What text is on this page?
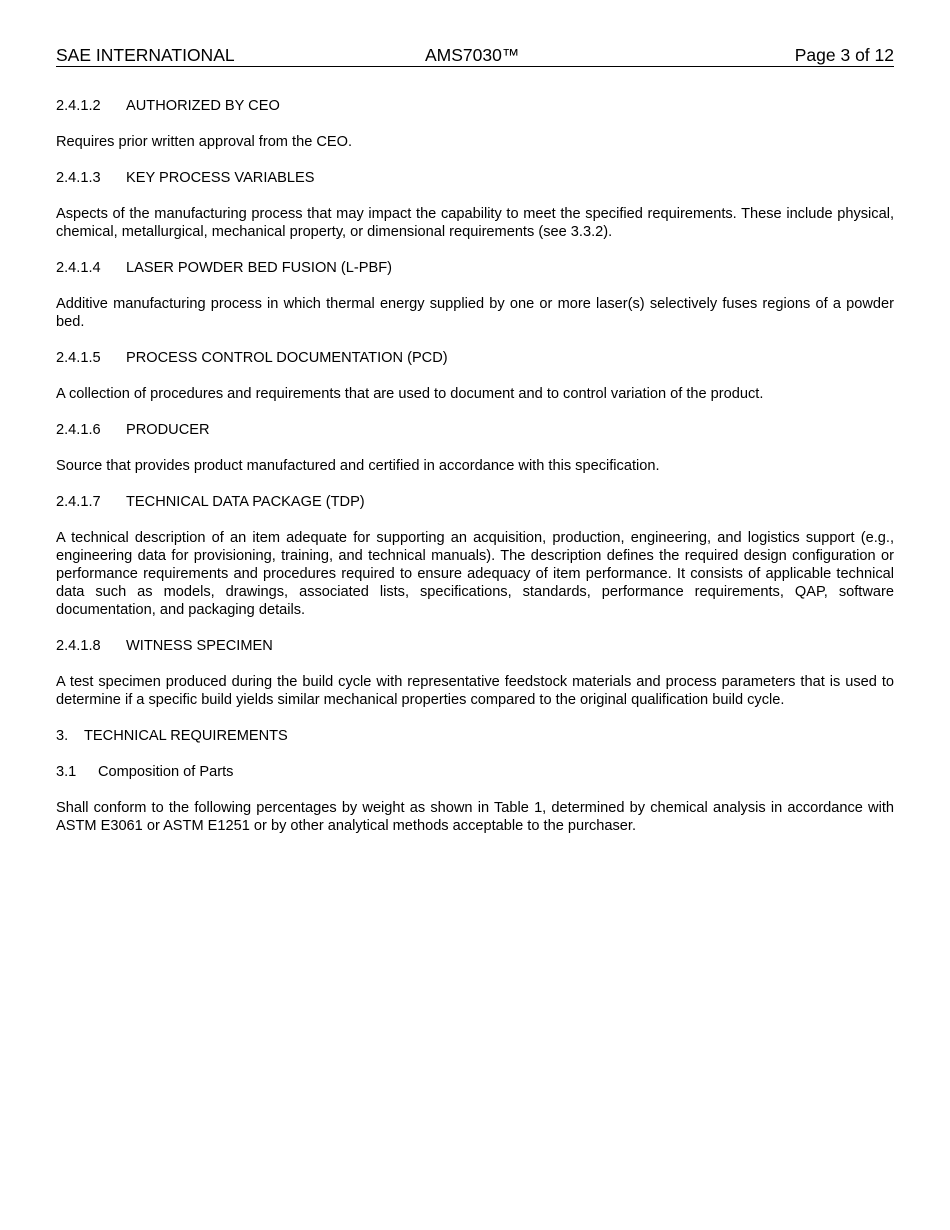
SAE INTERNATIONAL	AMS7030™	Page 3 of 12
2.4.1.2 AUTHORIZED BY CEO
Requires prior written approval from the CEO.
2.4.1.3 KEY PROCESS VARIABLES
Aspects of the manufacturing process that may impact the capability to meet the specified requirements. These include physical, chemical, metallurgical, mechanical property, or dimensional requirements (see 3.3.2).
2.4.1.4 LASER POWDER BED FUSION (L-PBF)
Additive manufacturing process in which thermal energy supplied by one or more laser(s) selectively fuses regions of a powder bed.
2.4.1.5 PROCESS CONTROL DOCUMENTATION (PCD)
A collection of procedures and requirements that are used to document and to control variation of the product.
2.4.1.6 PRODUCER
Source that provides product manufactured and certified in accordance with this specification.
2.4.1.7 TECHNICAL DATA PACKAGE (TDP)
A technical description of an item adequate for supporting an acquisition, production, engineering, and logistics support (e.g., engineering data for provisioning, training, and technical manuals). The description defines the required design configuration or performance requirements and procedures required to ensure adequacy of item performance. It consists of applicable technical data such as models, drawings, associated lists, specifications, standards, performance requirements, QAP, software documentation, and packaging details.
2.4.1.8 WITNESS SPECIMEN
A test specimen produced during the build cycle with representative feedstock materials and process parameters that is used to determine if a specific build yields similar mechanical properties compared to the original qualification build cycle.
3. TECHNICAL REQUIREMENTS
3.1 Composition of Parts
Shall conform to the following percentages by weight as shown in Table 1, determined by chemical analysis in accordance with ASTM E3061 or ASTM E1251 or by other analytical methods acceptable to the purchaser.
